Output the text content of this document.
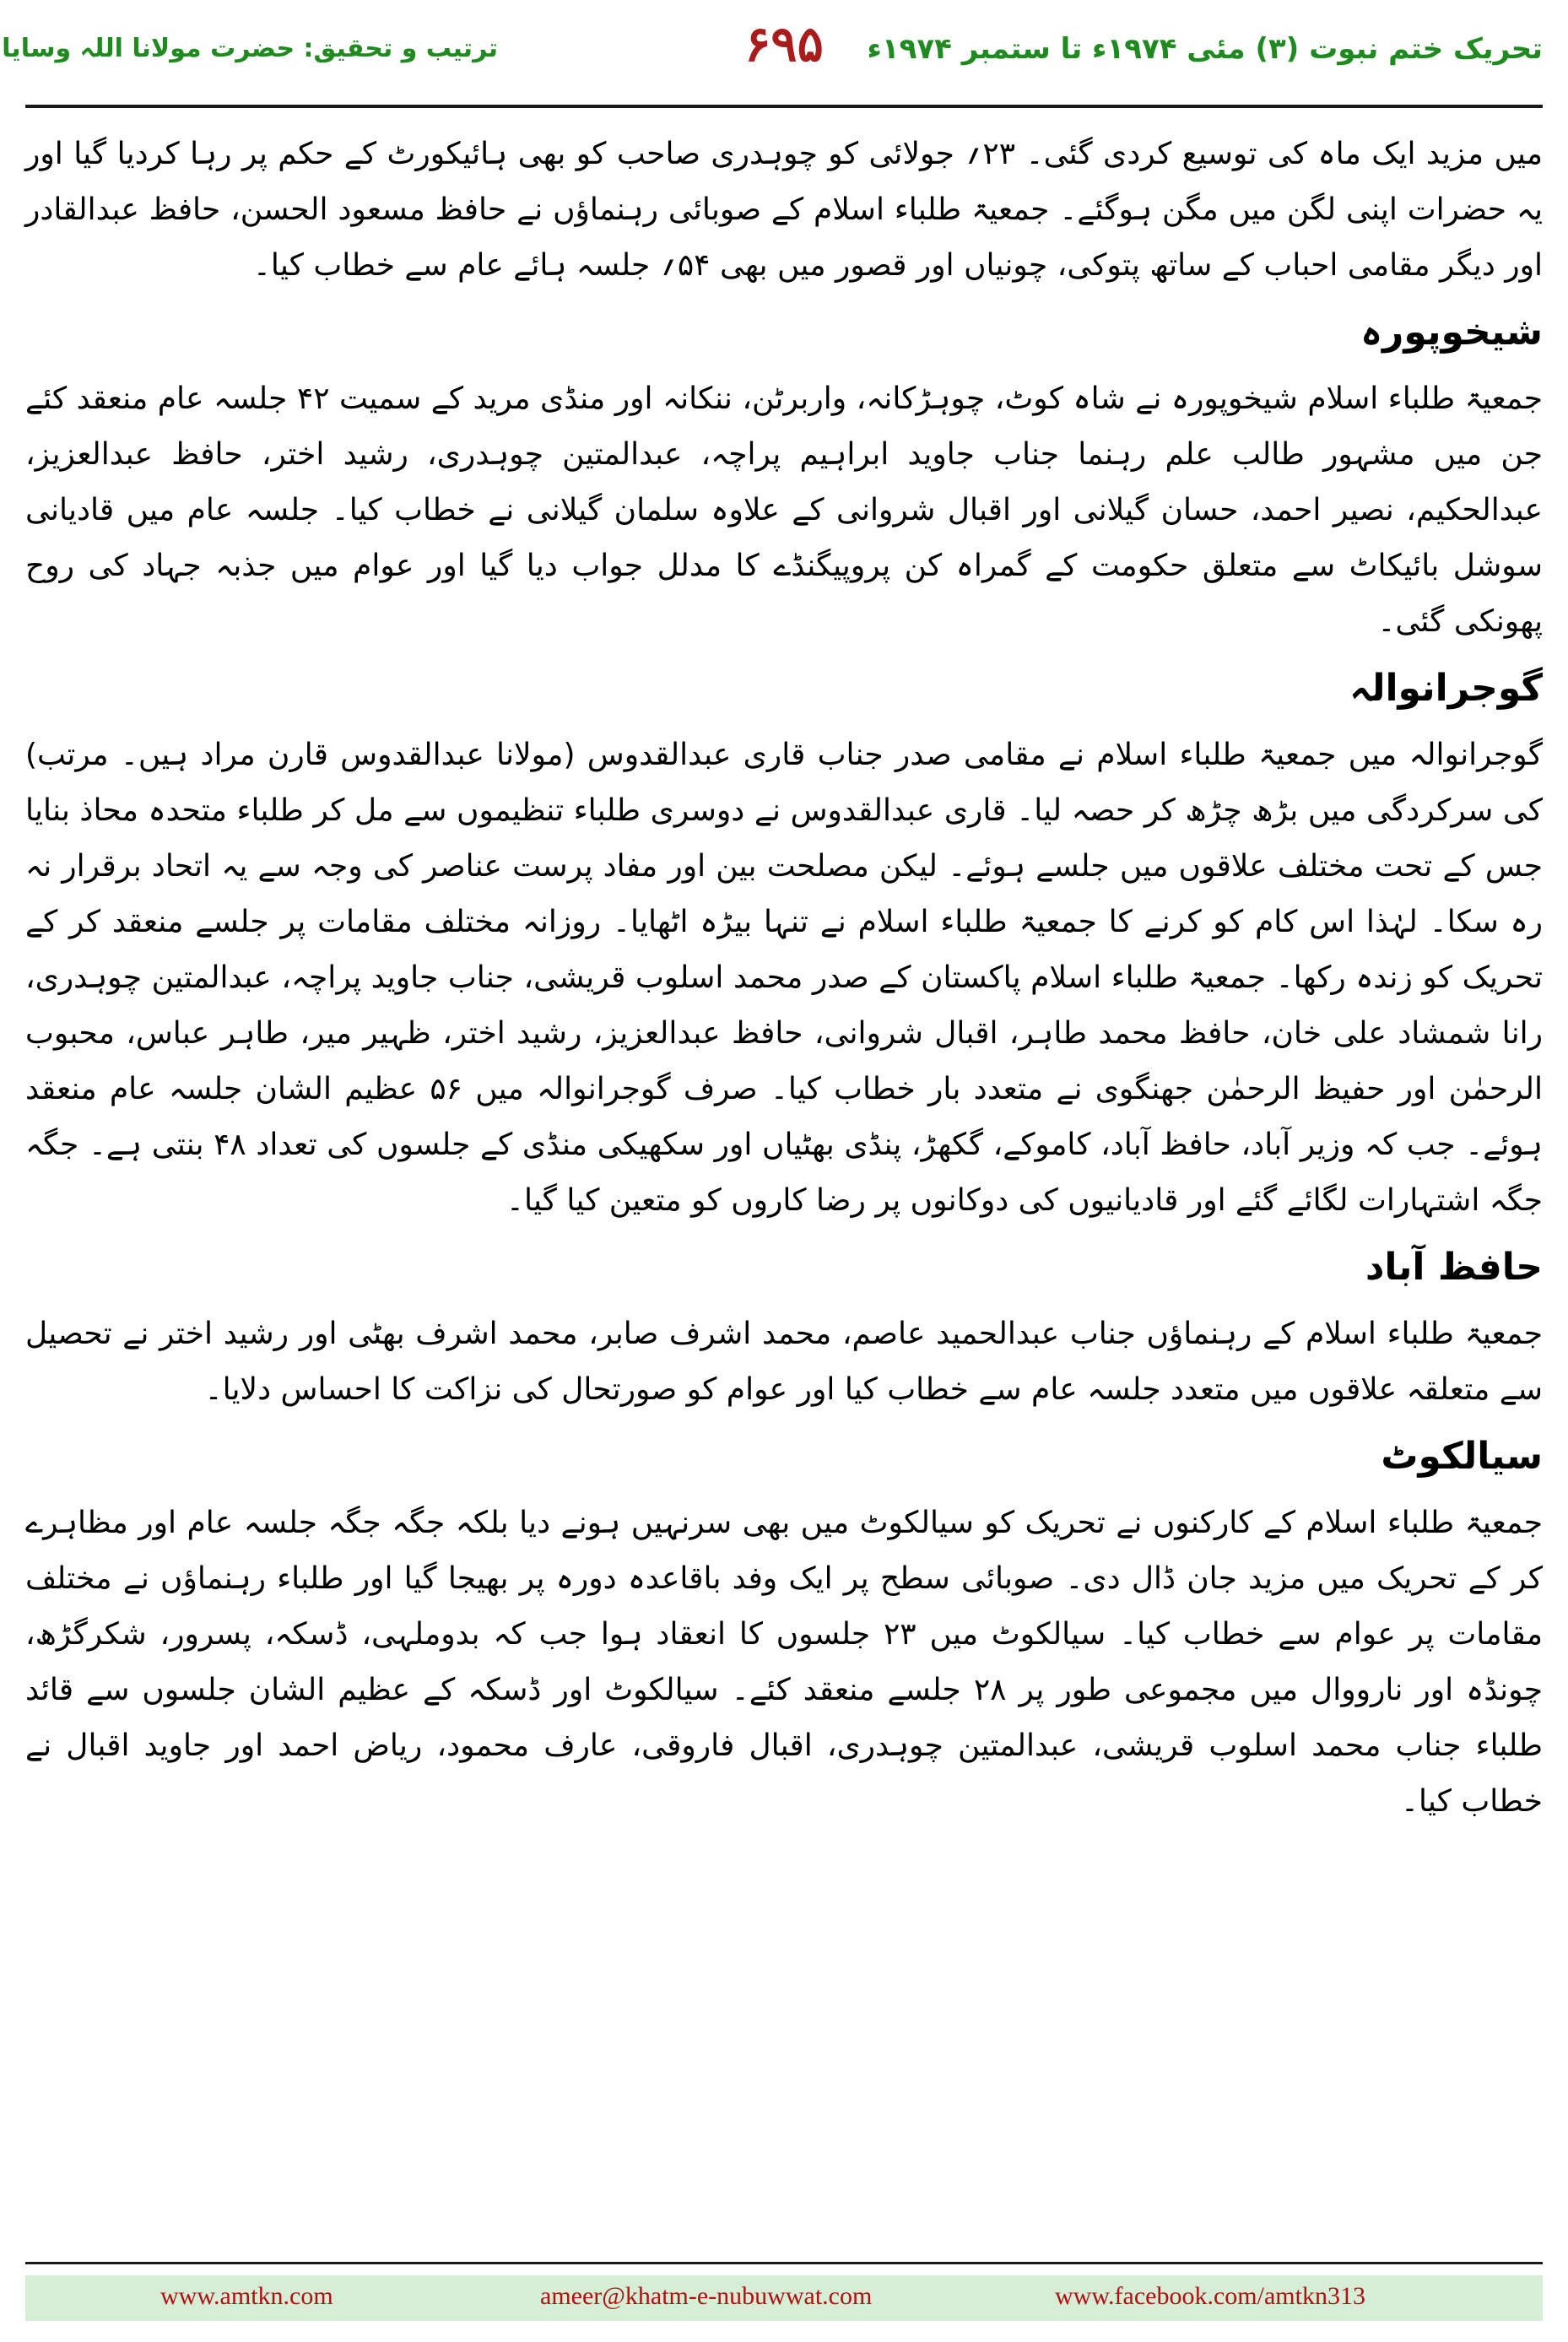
تحریک ختم نبوت (۳) مئی ۱۹۷۴ء تا ستمبر ۱۹۷۴ء
۶۹۵
ترتیب و تحقیق: حضرت مولانا اللہ وسایا

میں مزید ایک ماہ کی توسیع کردی گئی۔ ۲۳؍ جولائی کو چوہدری صاحب کو بھی ہائیکورٹ کے حکم پر رہا کردیا گیا اور یہ حضرات اپنی لگن میں مگن ہوگئے۔ جمعیۃ طلباء اسلام کے صوبائی رہنماؤں نے حافظ مسعود الحسن، حافظ عبدالقادر اور دیگر مقامی احباب کے ساتھ پتوکی، چونیاں اور قصور میں بھی ۵۴؍ جلسہ ہائے عام سے خطاب کیا۔

شیخوپورہ

جمعیۃ طلباء اسلام شیخوپورہ نے شاہ کوٹ، چوہڑکانہ، واربرٹن، ننکانہ اور منڈی مرید کے سمیت ۴۲ جلسہ عام منعقد کئے جن میں مشہور طالب علم رہنما جناب جاوید ابراہیم پراچہ، عبدالمتین چوہدری، رشید اختر، حافظ عبدالعزیز، عبدالحکیم، نصیر احمد، حسان گیلانی اور اقبال شروانی کے علاوہ سلمان گیلانی نے خطاب کیا۔ جلسہ عام میں قادیانی سوشل بائیکاٹ سے متعلق حکومت کے گمراہ کن پروپیگنڈے کا مدلل جواب دیا گیا اور عوام میں جذبہ جہاد کی روح پھونکی گئی۔

گوجرانوالہ

گوجرانوالہ میں جمعیۃ طلباء اسلام نے مقامی صدر جناب قاری عبدالقدوس (مولانا عبدالقدوس قارن مراد ہیں۔ مرتب) کی سرکردگی میں بڑھ چڑھ کر حصہ لیا۔ قاری عبدالقدوس نے دوسری طلباء تنظیموں سے مل کر طلباء متحدہ محاذ بنایا جس کے تحت مختلف علاقوں میں جلسے ہوئے۔ لیکن مصلحت بین اور مفاد پرست عناصر کی وجہ سے یہ اتحاد برقرار نہ رہ سکا۔ لہٰذا اس کام کو کرنے کا جمعیۃ طلباء اسلام نے تنہا بیڑہ اٹھایا۔ روزانہ مختلف مقامات پر جلسے منعقد کر کے تحریک کو زندہ رکھا۔ جمعیۃ طلباء اسلام پاکستان کے صدر محمد اسلوب قریشی، جناب جاوید پراچہ، عبدالمتین چوہدری، رانا شمشاد علی خان، حافظ محمد طاہر، اقبال شروانی، حافظ عبدالعزیز، رشید اختر، ظہیر میر، طاہر عباس، محبوب الرحمٰن اور حفیظ الرحمٰن جھنگوی نے متعدد بار خطاب کیا۔ صرف گوجرانوالہ میں ۵۶ عظیم الشان جلسہ عام منعقد ہوئے۔ جب کہ وزیر آباد، حافظ آباد، کاموکے، گکھڑ، پنڈی بھٹیاں اور سکھیکی منڈی کے جلسوں کی تعداد ۴۸ بنتی ہے۔ جگہ جگہ اشتہارات لگائے گئے اور قادیانیوں کی دوکانوں پر رضا کاروں کو متعین کیا گیا۔

حافظ آباد

جمعیۃ طلباء اسلام کے رہنماؤں جناب عبدالحمید عاصم، محمد اشرف صابر، محمد اشرف بھٹی اور رشید اختر نے تحصیل سے متعلقہ علاقوں میں متعدد جلسہ عام سے خطاب کیا اور عوام کو صورتحال کی نزاکت کا احساس دلایا۔

سیالکوٹ

جمعیۃ طلباء اسلام کے کارکنوں نے تحریک کو سیالکوٹ میں بھی سرنہیں ہونے دیا بلکہ جگہ جگہ جلسہ عام اور مظاہرے کر کے تحریک میں مزید جان ڈال دی۔ صوبائی سطح پر ایک وفد باقاعدہ دورہ پر بھیجا گیا اور طلباء رہنماؤں نے مختلف مقامات پر عوام سے خطاب کیا۔ سیالکوٹ میں ۲۳ جلسوں کا انعقاد ہوا جب کہ بدوملہی، ڈسکہ، پسرور، شکرگڑھ، چونڈہ اور نارووال میں مجموعی طور پر ۲۸ جلسے منعقد کئے۔ سیالکوٹ اور ڈسکہ کے عظیم الشان جلسوں سے قائد طلباء جناب محمد اسلوب قریشی، عبدالمتین چوہدری، اقبال فاروقی، عارف محمود، ریاض احمد اور جاوید اقبال نے خطاب کیا۔

www.amtkn.com	ameer@khatm-e-nubuwwat.com	www.facebook.com/amtkn313
